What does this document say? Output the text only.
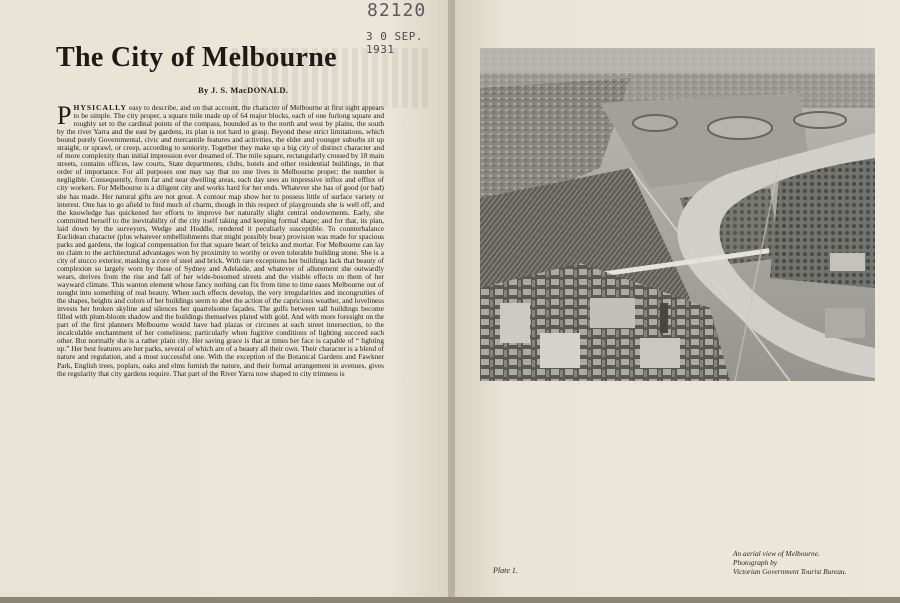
82120
3 0 SEP. 1931
The City of Melbourne
By J. S. MacDONALD.
PHYSICALLY easy to describe, and on that account, the character of Melbourne at first sight appears to be simple. The city proper, a square mile made up of 64 major blocks, each of one furlong square and roughly set to the cardinal points of the compass, bounded as to the north and west by plains, the south by the river Yarra and the east by gardens, its plan is not hard to grasp. Beyond these strict limitations, which bound purely Governmental, civic and mercantile features and activities, the elder and younger suburbs sit up straight, or sprawl, or creep, according to seniority. Together they make up a big city of distinct character and of more complexity than initial impression ever dreamed of. The mile square, rectangularly crossed by 18 main streets, contains offices, law courts, State departments, clubs, hotels and other residential buildings, in that order of importance. For all purposes one may say that no one lives in Melbourne proper; the number is negligible. Consequently, from far and near dwelling areas, each day sees an impressive influx and efflux of city workers. For Melbourne is a diligent city and works hard for her ends. Whatever she has of good (or bad) she has made. Her natural gifts are not great. A contour map show her to possess little of surface variety or interest. One has to go afield to find much of charm, though in this respect of playgrounds she is well off, and the knowledge has quickened her efforts to improve her naturally slight central endowments. Early, she committed herself to the inevitability of the city itself taking and keeping formal shape; and for that, its plan, laid down by the surveyors, Wedge and Hoddle, rendered it peculiarly susceptible. To counterbalance Euclidean character (plus whatever embellishments that might possibly bear) provision was made for spacious parks and gardens, the logical compensation for that square heart of bricks and mortar. For Melbourne can lay no claim to the architectural advantages won by proximity to worthy or even tolerable building stone. She is a city of stucco exterior, masking a core of steel and brick. With rare exceptions her buildings lack that beauty of complexion so largely worn by those of Sydney and Adelaide, and whatever of allurement she outwardly wears, derives from the rise and fall of her wide-bosomed streets and the visible effects on them of her wayward climate. This wanton element whose fancy nothing can fix from time to time eases Melbourne out of nought into something of real beauty. When such effects develop, the very irregularities and incongruities of the shapes, heights and colors of her buildings seem to abet the action of the capricious weather, and loveliness invests her broken skyline and silences her quarrelsome façades. The gulfs between tall buildings become filled with plum-bloom shadow and the buildings themselves plated with gold. And with more foresight on the part of the first planners Melbourne would have had plazas or circuses at each street intersection, to the incalculable enchantment of her comeliness; particularly when fugitive conditions of lighting succeed each other. But normally she is a rather plain city. Her saving grace is that at times her face is capable of “ lighting up.” Her best features are her parks, several of which are of a beauty all their own. Their character is a blend of nature and regulation, and a most successful one. With the exception of the Botanical Gardens and Fawkner Park, English trees, poplars, oaks and elms furnish the nature, and their formal arrangement in avenues, gives the regularity that city gardens require. That part of the River Yarra now shaped to city trimness is
Plate 1.
An aerial view of Melbourne.
Photograph by
Victorian Government Tourist Bureau.
